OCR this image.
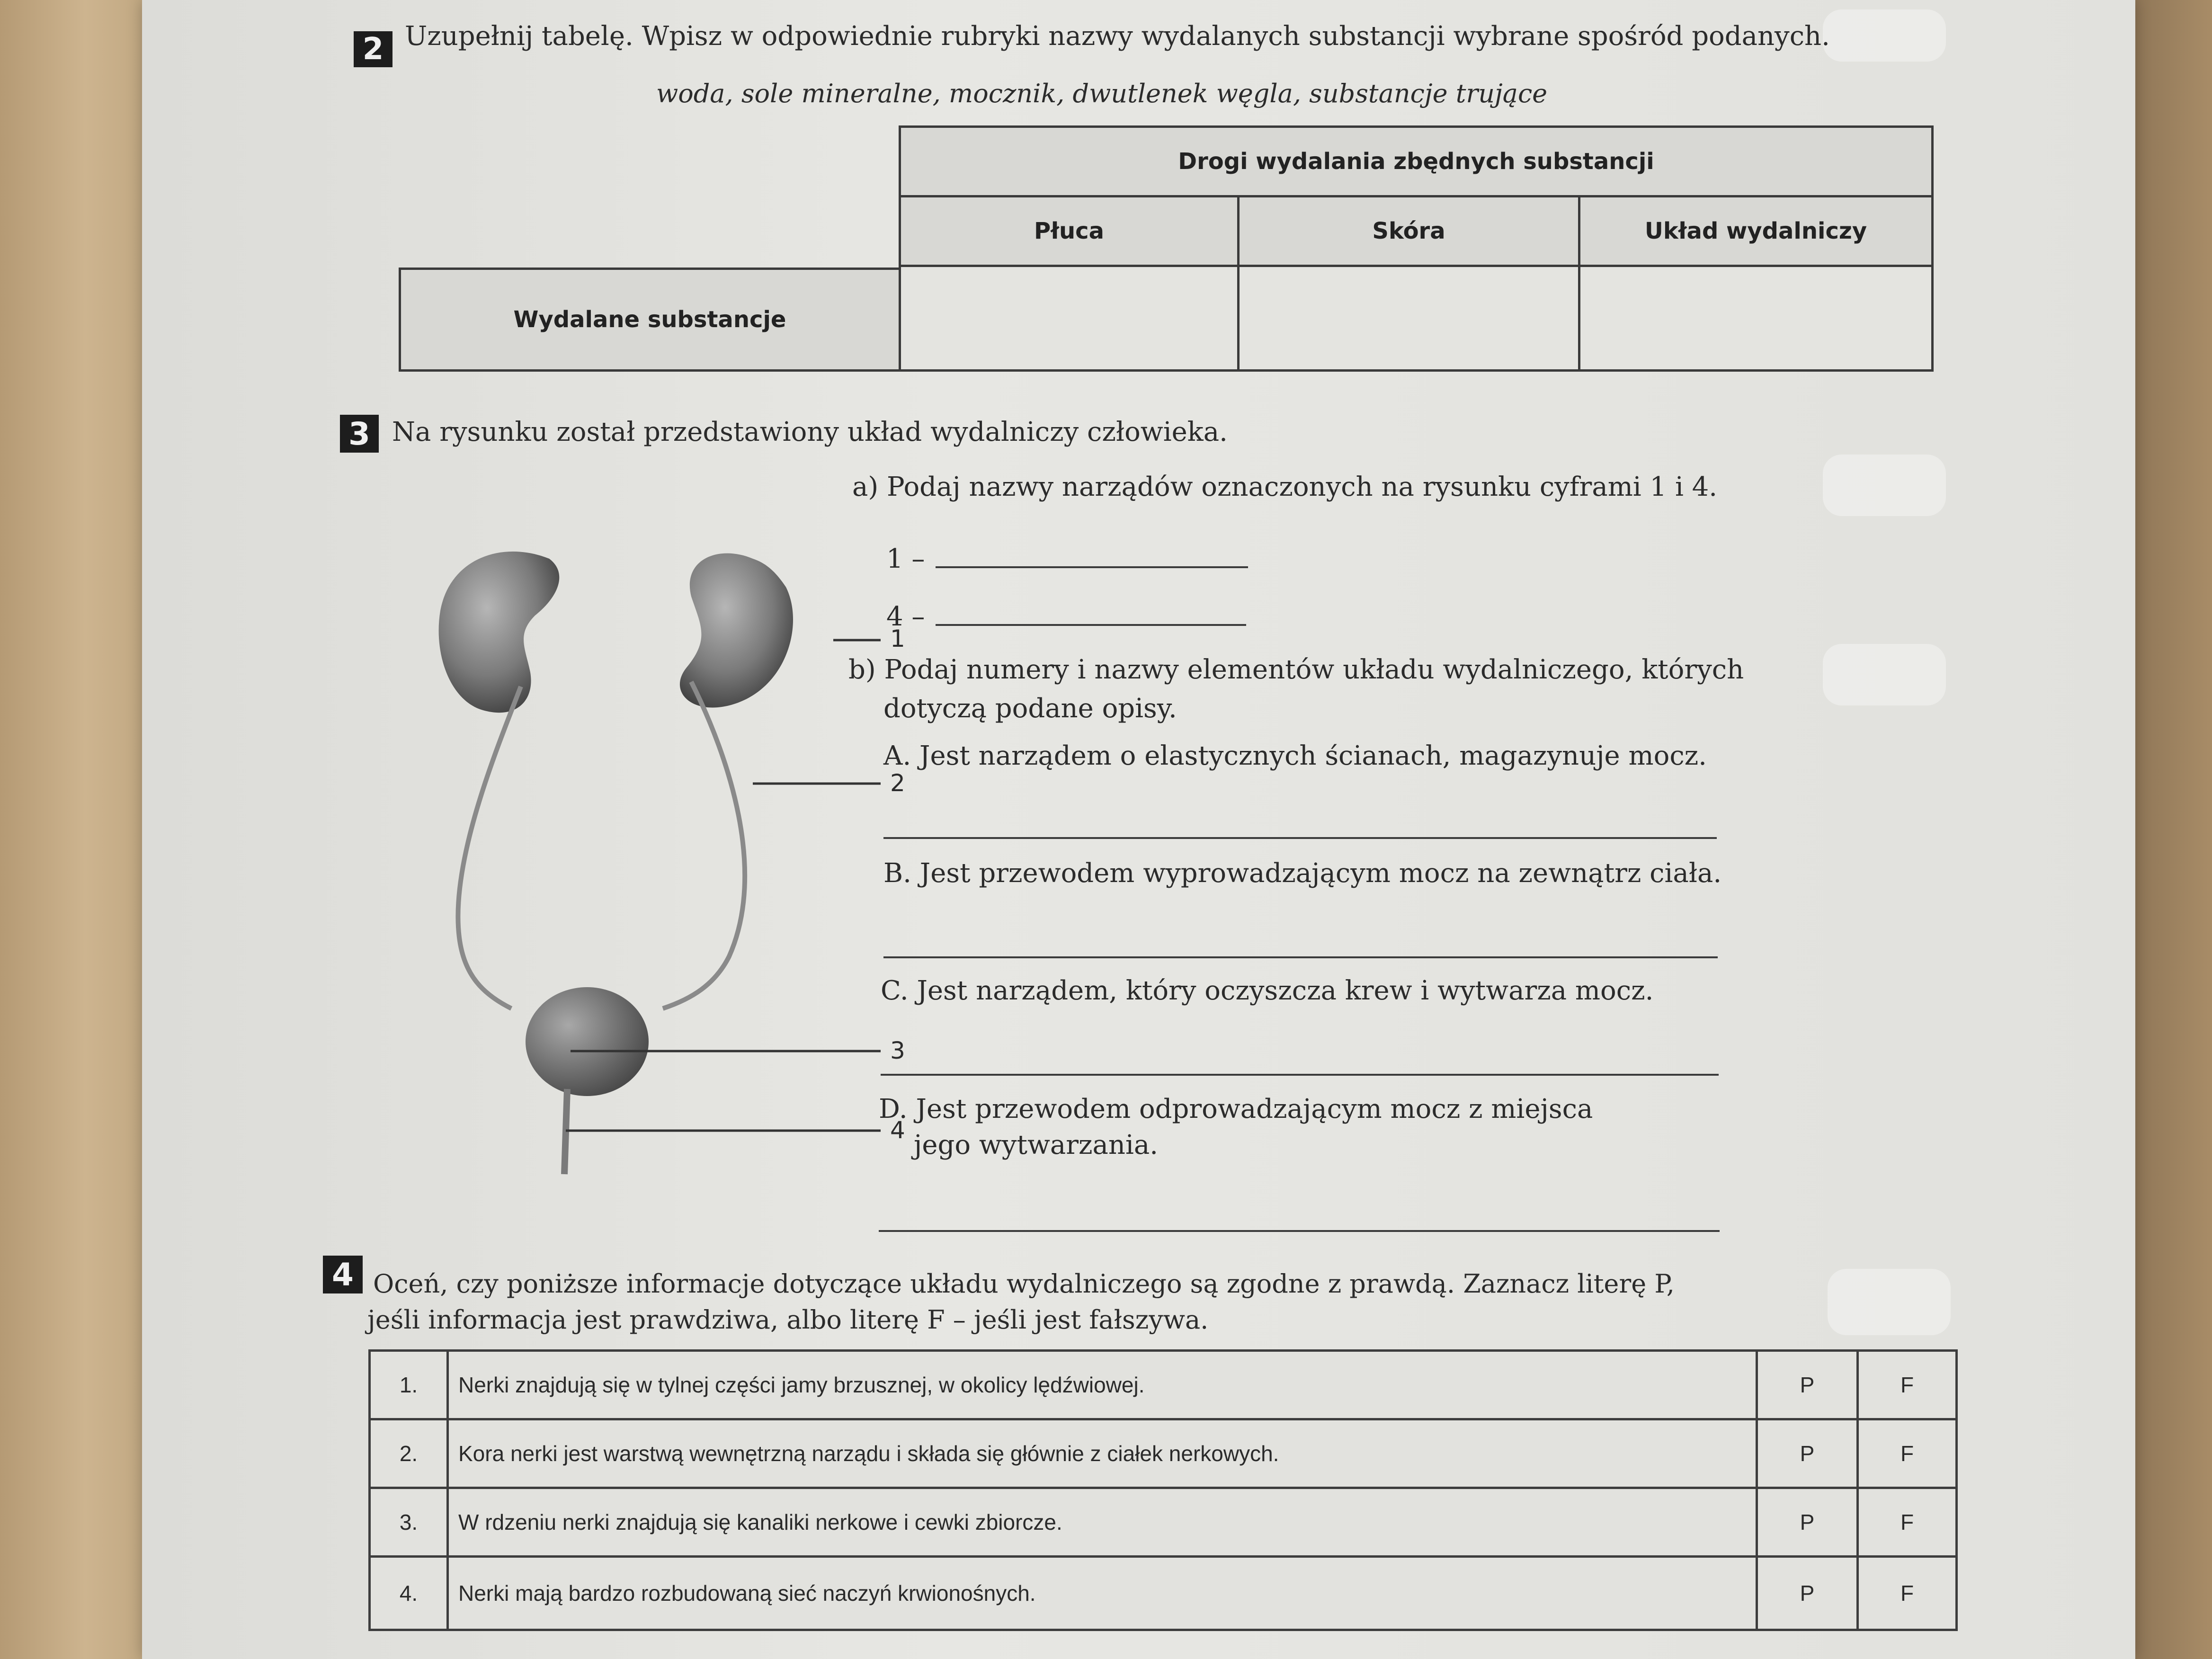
2 Uzupełnij tabelę. Wpisz w odpowiednie rubryki nazwy wydalanych substancji wybrane spośród podanych.
woda, sole mineralne, mocznik, dwutlenek węgla, substancje trujące
Drogi wydalania zbędnych substancji
Płuca	Skóra	Układ wydalniczy
Wydalane substancje
3 Na rysunku został przedstawiony układ wydalniczy człowieka.
1
2
3
4
a) Podaj nazwy narządów oznaczonych na rysunku cyframi 1 i 4.
1 –
4 –
b) Podaj numery i nazwy elementów układu wydalniczego, których
dotyczą podane opisy.
A. Jest narządem o elastycznych ścianach, magazynuje mocz.
B. Jest przewodem wyprowadzającym mocz na zewnątrz ciała.
C. Jest narządem, który oczyszcza krew i wytwarza mocz.
D. Jest przewodem odprowadzającym mocz z miejsca
jego wytwarzania.
4 Oceń, czy poniższe informacje dotyczące układu wydalniczego są zgodne z prawdą. Zaznacz literę P,
jeśli informacja jest prawdziwa, albo literę F – jeśli jest fałszywa.
1.	Nerki znajdują się w tylnej części jamy brzusznej, w okolicy lędźwiowej.	P	F
2.	Kora nerki jest warstwą wewnętrzną narządu i składa się głównie z ciałek nerkowych.	P	F
3.	W rdzeniu nerki znajdują się kanaliki nerkowe i cewki zbiorcze.	P	F
4.	Nerki mają bardzo rozbudowaną sieć naczyń krwionośnych.	P	F
